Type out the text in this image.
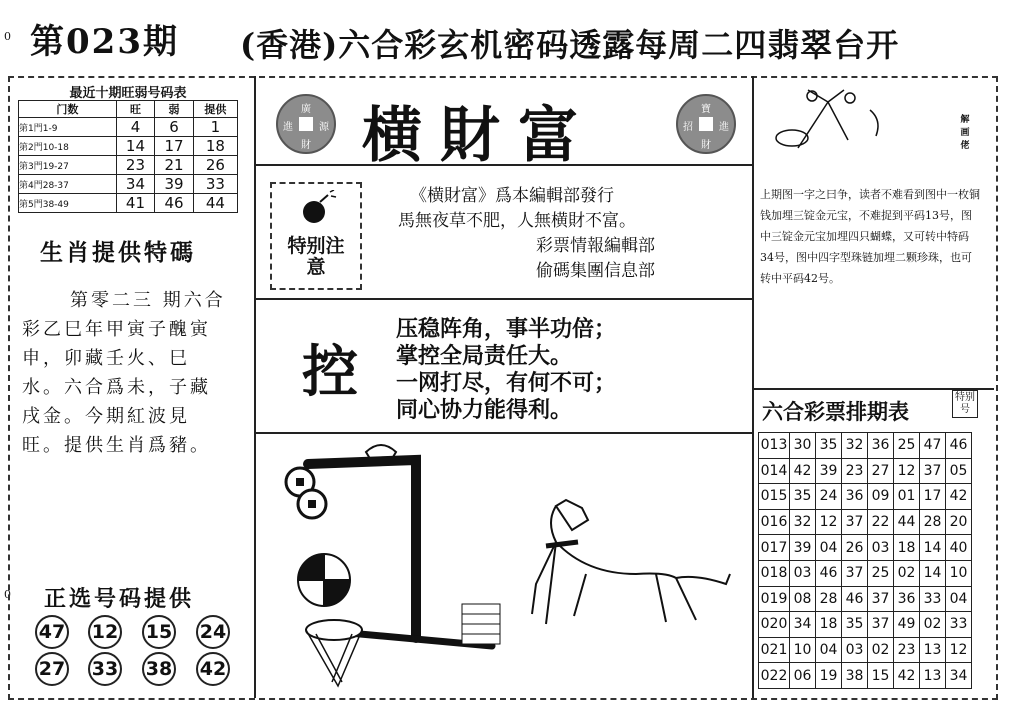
0
0
第023期 (香港)六合彩玄机密码透露每周二四翡翠台开
最近十期旺弱号码表
门数	旺	弱	提供
第1門1-9	4	6	1
第2門10-18	14	17	18
第3門19-27	23	21	26
第4門28-37	34	39	33
第5門38-49	41	46	44
生肖提供特碼
第零二三 期六合
彩乙巳年甲寅子醜寅
申，卯藏壬火、巳
水。六合爲未，子藏
戌金。今期紅波見
旺。提供生肖爲豬。
正选号码提供
47 12 15 24
27 33 38 42
廣
進	源
財 横財富	寶
招	進
財
特别注意
《横財富》爲本編輯部發行
馬無夜草不肥，人無横財不富。
彩票情報編輯部
偷碼集團信息部
控
压稳阵角，事半功倍；
掌控全局责任大。
一网打尽，有何不可；
同心协力能得利。
解画佬
上期图一字之曰争，读者不难看到图中一枚铜钱加埋三锭金元宝，不难捉到平码13号，图中三锭金元宝加埋四只蝴蝶，又可转中特码34号，图中四字型珠链加埋二颗珍珠，也可转中平码42号。
六合彩票排期表
特别号
013	30	35	32	36	25	47	46
014	42	39	23	27	12	37	05
015	35	24	36	09	01	17	42
016	32	12	37	22	44	28	20
017	39	04	26	03	18	14	40
018	03	46	37	25	02	14	10
019	08	28	46	37	36	33	04
020	34	18	35	37	49	02	33
021	10	04	03	02	23	13	12
022	06	19	38	15	42	13	34
